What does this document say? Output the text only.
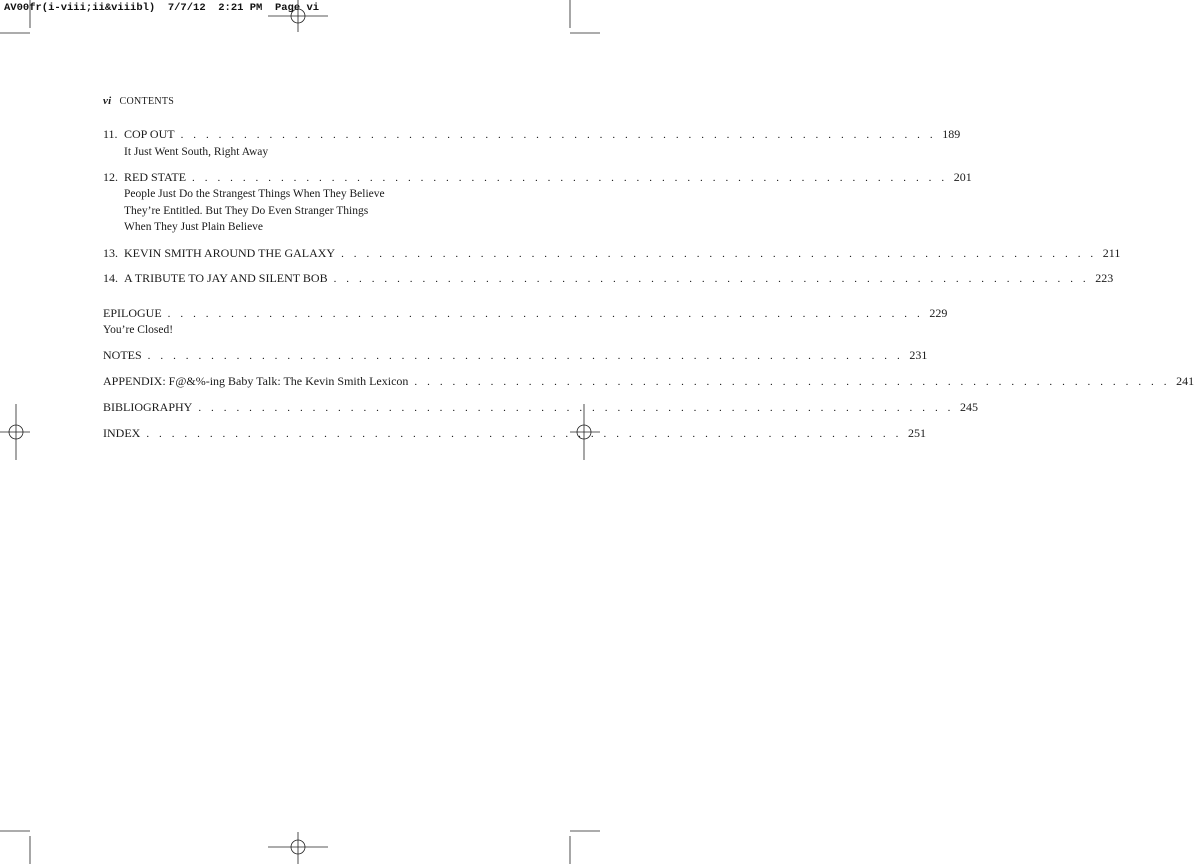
AV00fr(i-viii;ii&viiibl)  7/7/12  2:21 PM  Page vi
vi CONTENTS
11. COP OUT . . . . . . . . . . . . . . . . . . . . . . . . . . . . . . . . . . . . . . . . . . . . . . . . . . . . . . . . . . . . 189
It Just Went South, Right Away
12. RED STATE . . . . . . . . . . . . . . . . . . . . . . . . . . . . . . . . . . . . . . . . . . . . . . . . . . . . . . . . . . . . 201
People Just Do the Strangest Things When They Believe
They’re Entitled. But They Do Even Stranger Things
When They Just Plain Believe
13. KEVIN SMITH AROUND THE GALAXY . . . . . . . . . . . . . . . . . . . . . . . . . . . . . . . . . . . . . . . . . . . . . . . . . . . . . . . . . . . . 211
14. A TRIBUTE TO JAY AND SILENT BOB . . . . . . . . . . . . . . . . . . . . . . . . . . . . . . . . . . . . . . . . . . . . . . . . . . . . . . . . . . . . 223
EPILOGUE . . . . . . . . . . . . . . . . . . . . . . . . . . . . . . . . . . . . . . . . . . . . . . . . . . . . . . . . . . . . 229
You’re Closed!
NOTES . . . . . . . . . . . . . . . . . . . . . . . . . . . . . . . . . . . . . . . . . . . . . . . . . . . . . . . . . . . . 231
APPENDIX: F@&%-ing Baby Talk: The Kevin Smith Lexicon . . . . . . . . . . . . . . . . . . . . . . . . . . . . . . . . . . . . . . . . . . . . . . . . . . . . . . . . . . . . 241
BIBLIOGRAPHY . . . . . . . . . . . . . . . . . . . . . . . . . . . . . . . . . . . . . . . . . . . . . . . . . . . . . . . . . . . . 245
INDEX . . . . . . . . . . . . . . . . . . . . . . . . . . . . . . . . . . . . . . . . . . . . . . . . . . . . . . . . . . . . 251
